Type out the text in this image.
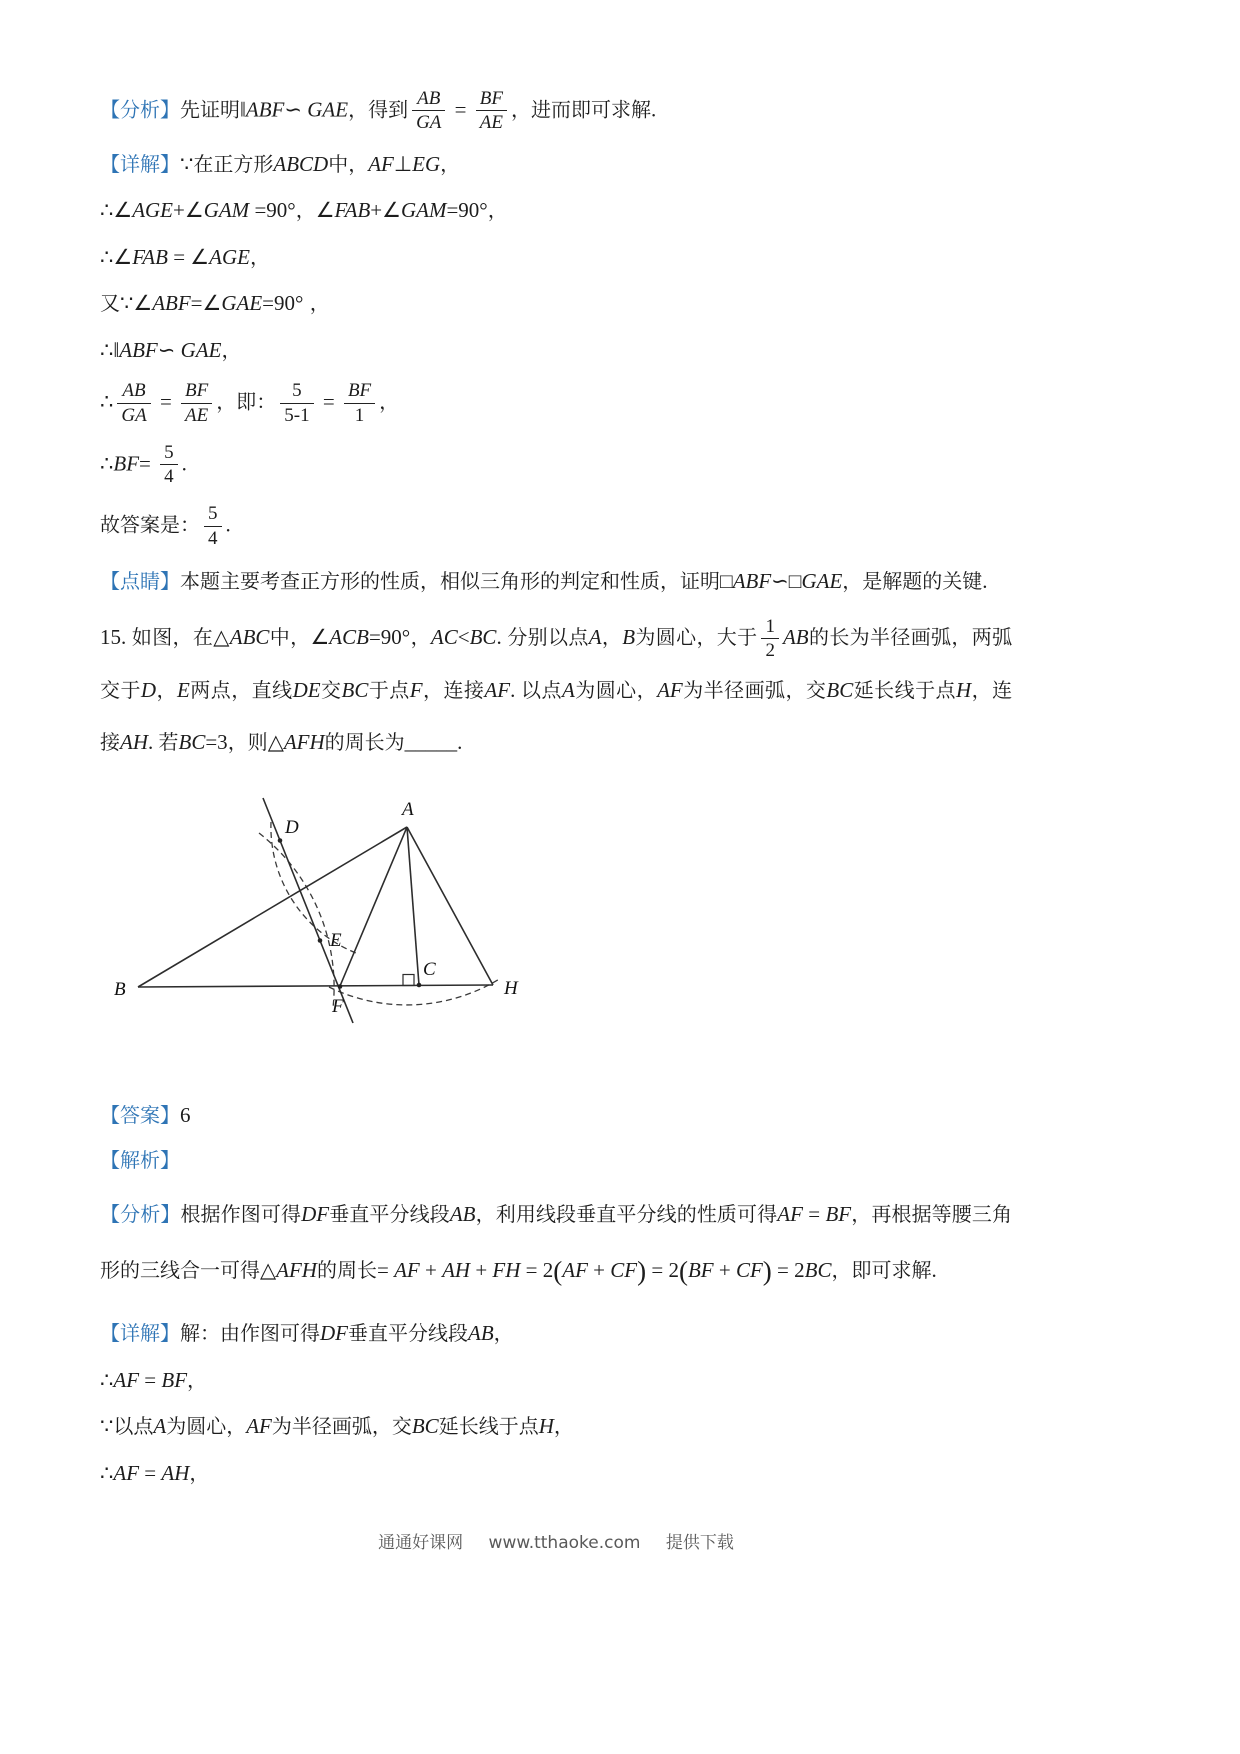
【分析】先证明‖ABF∽ GAE，得到 $\frac{AB}{GA} = \frac{BF}{AE}$ ，进而即可求解.
【详解】∵在正方形ABCD中，AF⊥EG，
∴∠AGE+∠GAM =90°，∠FAB+∠GAM=90°，
∴∠FAB = ∠AGE，
又∵∠ABF=∠GAE=90° ，
∴‖ABF∽ GAE，
∴ $\frac{AB}{GA} = \frac{BF}{AE}$ ，即： $\frac{5}{5-1} = \frac{BF}{1}$ ，
∴BF= $\frac{5}{4}$ .
故答案是： $\frac{5}{4}$ .
【点睛】本题主要考查正方形的性质，相似三角形的判定和性质，证明□ABF∽□GAE，是解题的关键.
15. 如图，在△ABC中，∠ACB=90°，AC<BC. 分别以点A，B为圆心，大于 $\frac{1}{2}$ AB的长为半径画弧，两弧交于D，E两点，直线DE交BC于点F，连接AF. 以点A为圆心，AF为半径画弧，交BC延长线于点H，连接AH. 若BC=3，则△AFH的周长为_____.
A
B
C
D
E
F
H
【答案】6
【解析】
【分析】根据作图可得DF垂直平分线段AB，利用线段垂直平分线的性质可得AF = BF，再根据等腰三角形的三线合一可得△AFH的周长= AF + AH + FH = 2(AF + CF) = 2(BF + CF) = 2BC，即可求解.
【详解】解：由作图可得DF垂直平分线段AB，
∴AF = BF，
∵以点A为圆心，AF为半径画弧，交BC延长线于点H，
∴AF = AH，
通通好课网 www.tthaoke.com 提供下载
